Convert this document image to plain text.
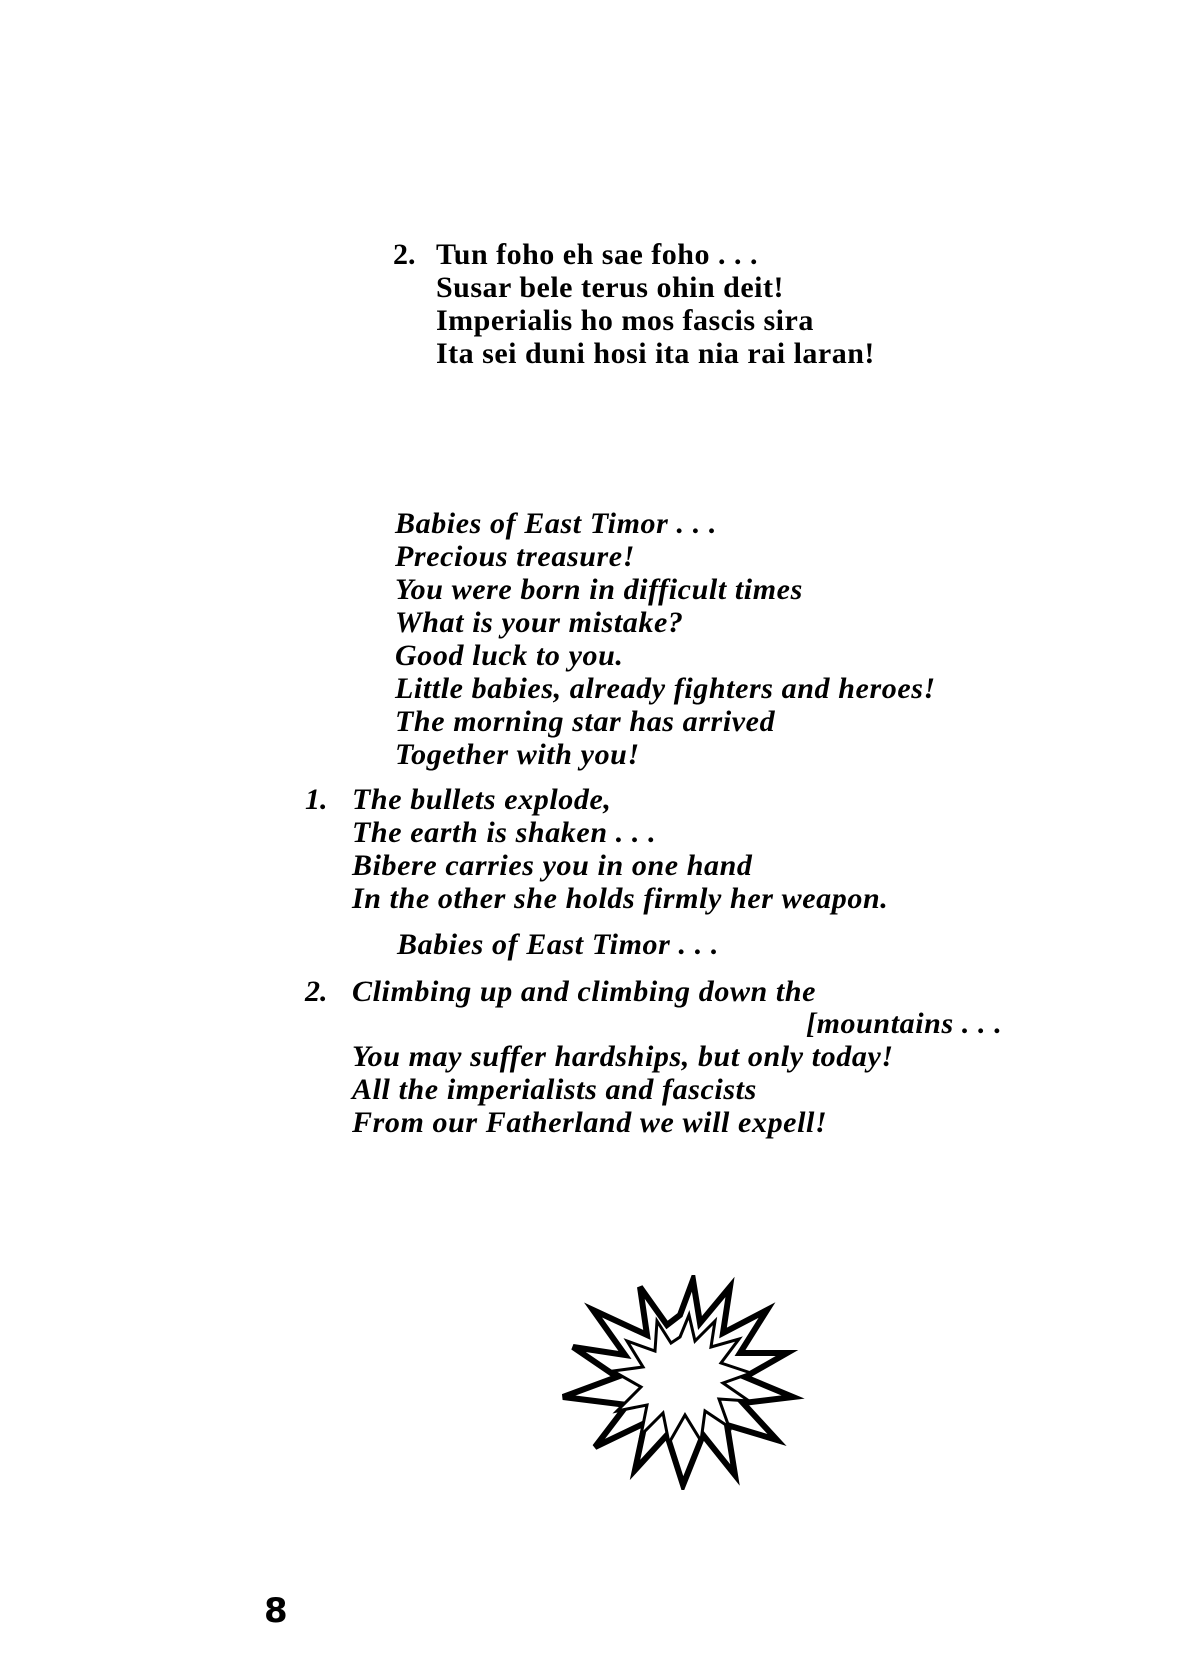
2. Tun foho eh sae foho . . .
Susar bele terus ohin deit!
Imperialis ho mos fascis sira
Ita sei duni hosi ita nia rai laran!
Babies of East Timor . . .
Precious treasure!
You were born in difficult times
What is your mistake?
Good luck to you.
Little babies, already fighters and heroes!
The morning star has arrived
Together with you!
1. The bullets explode,
The earth is shaken . . .
Bibere carries you in one hand
In the other she holds firmly her weapon.
Babies of East Timor . . .
2. Climbing up and climbing down the
[mountains . . .
You may suffer hardships, but only today!
All the imperialists and fascists
From our Fatherland we will expell!
8
